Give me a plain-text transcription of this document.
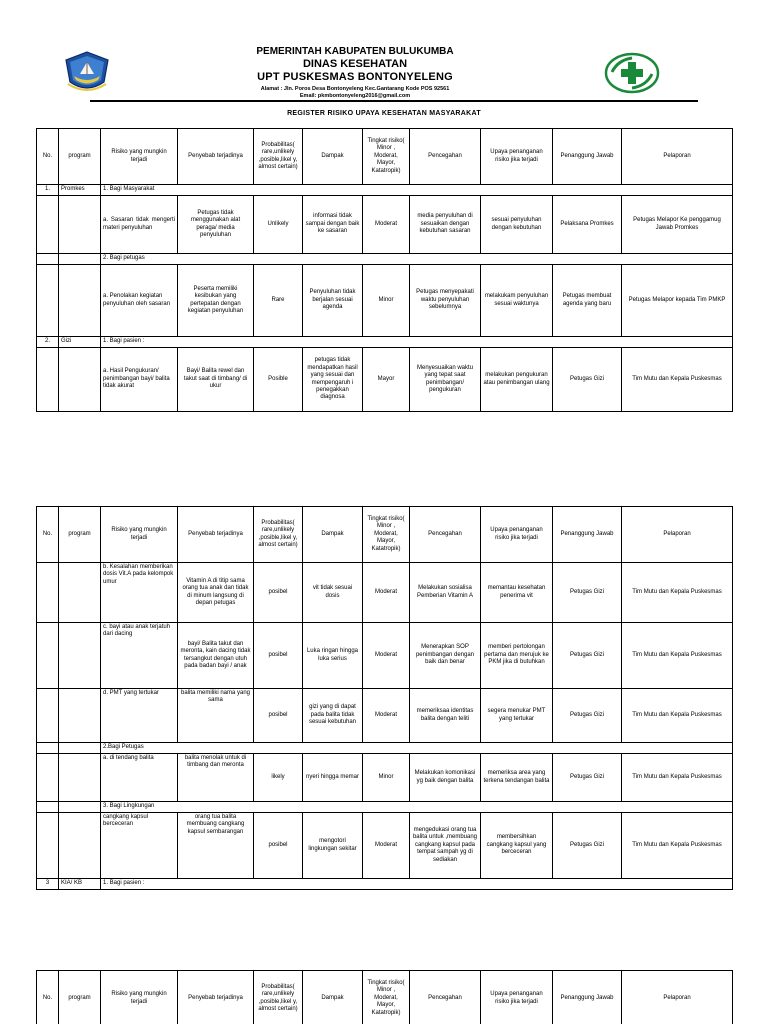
PEMERINTAH KABUPATEN BULUKUMBA
DINAS KESEHATAN
UPT PUSKESMAS BONTONYELENG
Alamat : Jln. Poros Desa Bontonyeleng Kec.Gantarang Kode POS 92561
Email: pkmbontonyeleng2016@gmail.com
REGISTER RISIKO UPAYA KESEHATAN MASYARAKAT
No.	program	Risiko yang mungkin terjadi	Penyebab terjadinya	Probabilitas( rare,unlikely ,posible,likel y, almost certain)	Dampak	Tingkat risiko( Minor , Moderat, Mayor, Katatropik)	Pencegahan	Upaya penanganan risiko jika terjadi	Penanggung Jawab	Pelaporan
1.	Promkes	1. Bagi Masyarakat								
		a. Sasaran tidak mengerti materi penyuluhan	Petugas tidak menggunakan alat peraga/ media penyuluhan	Unlikely	informasi tidak sampai dengan baik ke sasaran	Moderat	media penyuluhan di sesuaikan dengan kebutuhan sasaran	sesuai penyuluhan dengan kebutuhan	Pelaksana Promkes	Petugas Melapor Ke penggamug Jawab Promkes
		2. Bagi petugas								
		a. Penolakan kegiatan penyuluhan oleh sasaran	Peserta memiliki kesibukan yang pertepatan dengan kegiatan penyuluhan	Rare	Penyuluhan tidak berjalan sesuai agenda	Minor	Petugas menyepakati waktu penyuluhan sebelumnya	melakukam penyuluhan sesuai waktunya	Petugas membuat agenda yang baru	Petugas Melapor kepada Tim PMKP
2.	Gizi	1. Bagi pasien :								
		a. Hasil Pengukuran/ penimbangan bayi/ balita tidak akurat	Bayi/ Balita rewel dan takut saat di timbang/ di ukur	Posible	petugas tidak mendapatkan hasil yang sesuai dan mempengaruh i penegakkan diagnosa	Mayor	Menyesuaikan waktu yang tepat saat penimbangan/ pengukuran	melakukan pengukuran atau penimbangan ulang	Petugas Gizi	Tim Mutu dan Kepala Puskesmas
No.	program	Risiko yang mungkin terjadi	Penyebab terjadinya	Probabilitas( rare,unlikely ,posible,likel y, almost certain)	Dampak	Tingkat risiko( Minor , Moderat, Mayor, Katatropik)	Pencegahan	Upaya penanganan risiko jika terjadi	Penanggung Jawab	Pelaporan
		b. Kesalahan memberikan dosis Vit.A pada kelompok umur	Vitamin A di titip sama orang tua anak dan tidak di minum langsung di depan petugas	posibel	vit tidak sesuai dosis	Moderat	Melakukan sosialisa Pemberian Vitamin A	memantau kesehatan penerima vit	Petugas Gizi	Tim Mutu dan Kepala Puskesmas
		c. bayi atau anak terjatuh dari dacing	bayi/ Balita takut dan meronta, kain dacing tidak tersangkut dengan utuh pada badan bayi / anak	posibel	Luka ringan hingga luka serius	Moderat	Menerapkan SOP penimbangan dengan baik dan benar	memberi pertolongan pertama dan merujuk ke PKM jika di butuhkan	Petugas Gizi	Tim Mutu dan Kepala Puskesmas
		d. PMT yang tertukar	balita memiliki nama yang sama	posibel	gizi yang di dapat pada balita tidak sesuai kebutuhan	Moderat	memeriksaa identitas balita dengan teliti	segera menukar PMT yang tertukar	Petugas Gizi	Tim Mutu dan Kepala Puskesmas
		2.Bagi Petugas								
		a. di tendang balita	balita menolak untuk di timbang dan meronta	likely	nyeri hingga memar	Minor	Melakukan komonikasi yg baik dengan balita	memeriksa area yang terkena tendangan balita	Petugas Gizi	Tim Mutu dan Kepala Puskesmas
		3. Bagi Lingkungan								
		cangkang kapsul berceceran	orang tua balita membuang cangkang kapsul sembarangan	posibel	mengotori lingkungan sekitar	Moderat	mengedukasi orang tua balita untuk ,membuang cangkang kapsul pada tempat sampah yg di sediakan	membersihkan cangkang kapsul yang berceceran	Petugas Gizi	Tim Mutu dan Kepala Puskesmas
3	KIA/ KB	1. Bagi pasien :								
No.	program	Risiko yang mungkin terjadi	Penyebab terjadinya	Probabilitas( rare,unlikely ,posible,likel y, almost certain)	Dampak	Tingkat risiko( Minor , Moderat, Mayor, Katatropik)	Pencegahan	Upaya penanganan risiko jika terjadi	Penanggung Jawab	Pelaporan
